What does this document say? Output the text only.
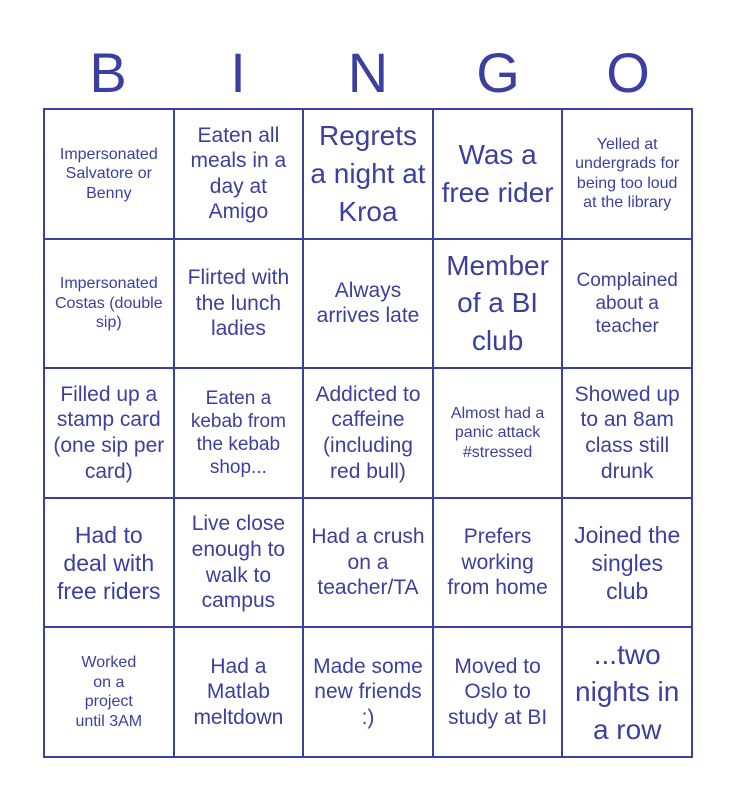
B	I	N	G	O
Impersonated Salvatore or Benny
Eaten all meals in a day at Amigo
Regrets a night at Kroa
Was a free rider
Yelled at undergrads for being too loud at the library
Impersonated Costas (double sip)
Flirted with the lunch ladies
Always arrives late
Member of a BI club
Complained about a teacher
Filled up a stamp card (one sip per card)
Eaten a kebab from the kebab shop...
Addicted to caffeine (including red bull)
Almost had a panic attack #stressed
Showed up to an 8am class still drunk
Had to deal with free riders
Live close enough to walk to campus
Had a crush on a teacher/TA
Prefers working from home
Joined the singles club
Worked on a project until 3AM
Had a Matlab meltdown
Made some new friends :)
Moved to Oslo to study at BI
...two nights in a row
